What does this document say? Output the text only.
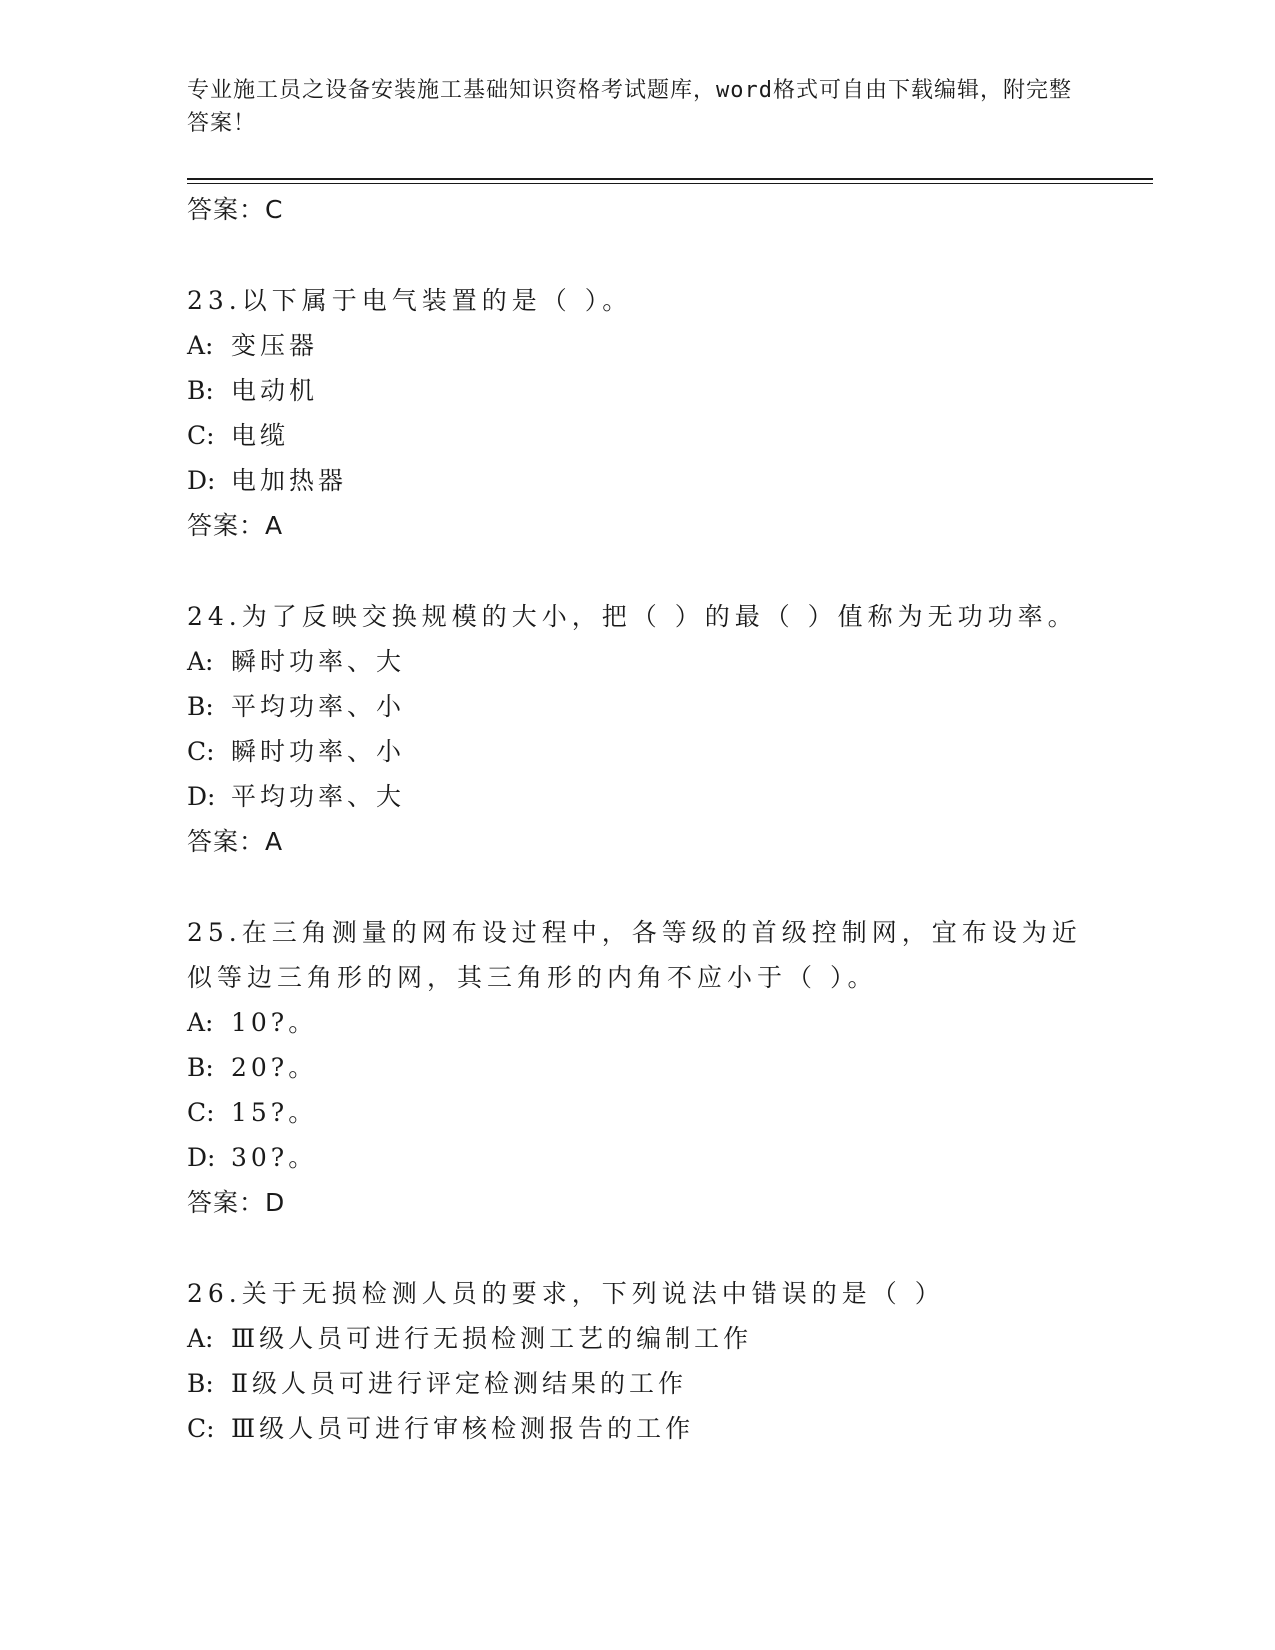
专业施工员之设备安装施工基础知识资格考试题库，word格式可自由下载编辑，附完整答案！
答案：C
23.以下属于电气装置的是（ ）。
A: 变压器
B: 电动机
C: 电缆
D: 电加热器
答案：A
24.为了反映交换规模的大小，把（ ）的最（ ）值称为无功功率。
A: 瞬时功率、大
B: 平均功率、小
C: 瞬时功率、小
D: 平均功率、大
答案：A
25.在三角测量的网布设过程中，各等级的首级控制网，宜布设为近似等边三角形的网，其三角形的内角不应小于（ ）。
A: 10?。
B: 20?。
C: 15?。
D: 30?。
答案：D
26.关于无损检测人员的要求，下列说法中错误的是（ ）
A: Ⅲ级人员可进行无损检测工艺的编制工作
B: Ⅱ级人员可进行评定检测结果的工作
C: Ⅲ级人员可进行审核检测报告的工作
